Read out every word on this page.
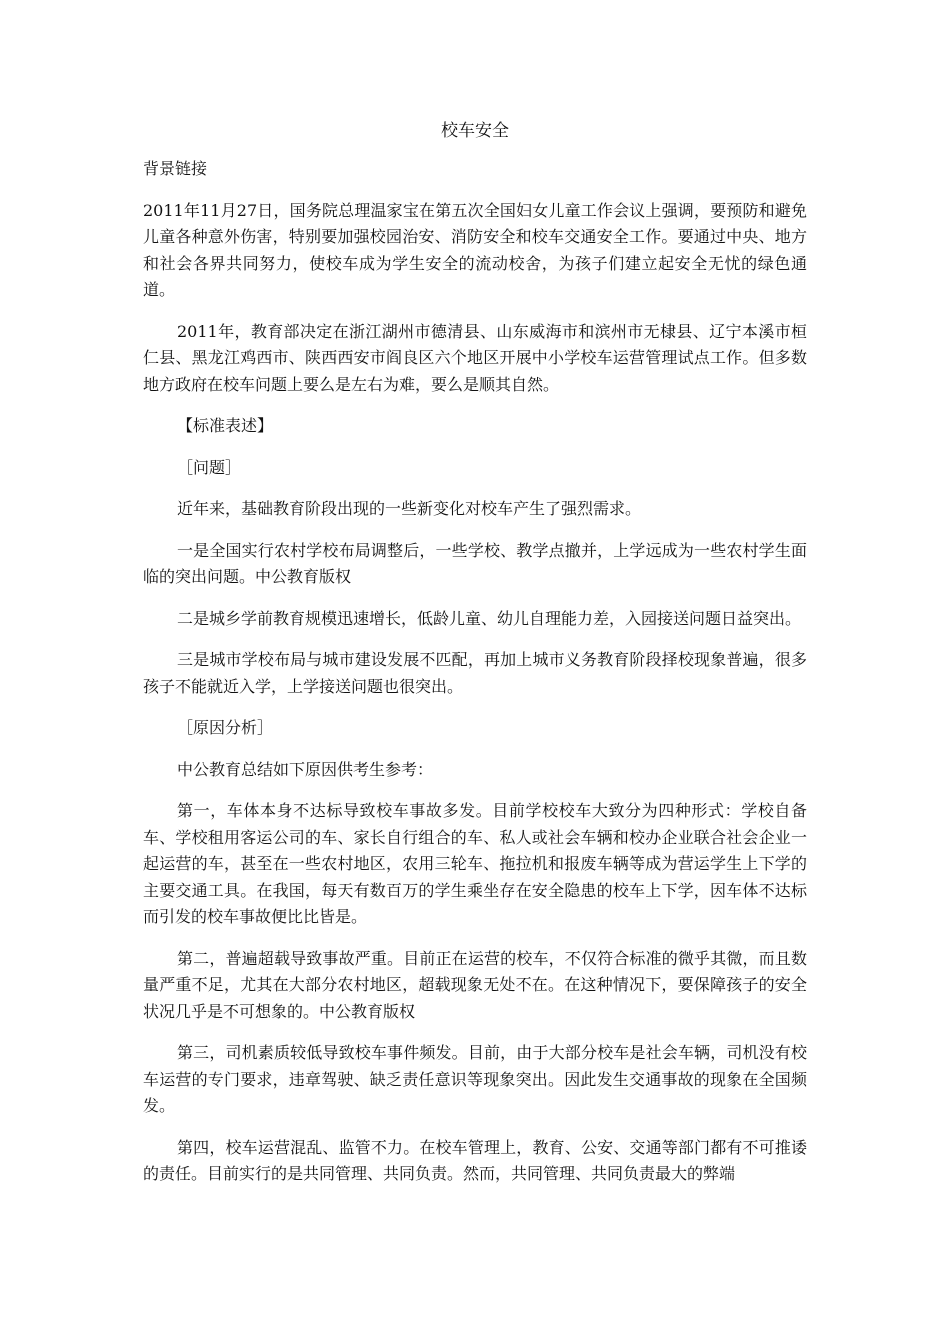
校车安全

背景链接

2011年11月27日，国务院总理温家宝在第五次全国妇女儿童工作会议上强调，要预防和避免儿童各种意外伤害，特别要加强校园治安、消防安全和校车交通安全工作。要通过中央、地方和社会各界共同努力，使校车成为学生安全的流动校舍，为孩子们建立起安全无忧的绿色通道。

2011年，教育部决定在浙江湖州市德清县、山东威海市和滨州市无棣县、辽宁本溪市桓仁县、黑龙江鸡西市、陕西西安市阎良区六个地区开展中小学校车运营管理试点工作。但多数地方政府在校车问题上要么是左右为难，要么是顺其自然。

【标准表述】

［问题］

近年来，基础教育阶段出现的一些新变化对校车产生了强烈需求。

一是全国实行农村学校布局调整后，一些学校、教学点撤并，上学远成为一些农村学生面临的突出问题。中公教育版权

二是城乡学前教育规模迅速增长，低龄儿童、幼儿自理能力差，入园接送问题日益突出。

三是城市学校布局与城市建设发展不匹配，再加上城市义务教育阶段择校现象普遍，很多孩子不能就近入学，上学接送问题也很突出。

［原因分析］

中公教育总结如下原因供考生参考：

第一，车体本身不达标导致校车事故多发。目前学校校车大致分为四种形式：学校自备车、学校租用客运公司的车、家长自行组合的车、私人或社会车辆和校办企业联合社会企业一起运营的车，甚至在一些农村地区，农用三轮车、拖拉机和报废车辆等成为营运学生上下学的主要交通工具。在我国，每天有数百万的学生乘坐存在安全隐患的校车上下学，因车体不达标而引发的校车事故便比比皆是。

第二，普遍超载导致事故严重。目前正在运营的校车，不仅符合标准的微乎其微，而且数量严重不足，尤其在大部分农村地区，超载现象无处不在。在这种情况下，要保障孩子的安全状况几乎是不可想象的。中公教育版权

第三，司机素质较低导致校车事件频发。目前，由于大部分校车是社会车辆，司机没有校车运营的专门要求，违章驾驶、缺乏责任意识等现象突出。因此发生交通事故的现象在全国频发。

第四，校车运营混乱、监管不力。在校车管理上，教育、公安、交通等部门都有不可推诿的责任。目前实行的是共同管理、共同负责。然而，共同管理、共同负责最大的弊端
